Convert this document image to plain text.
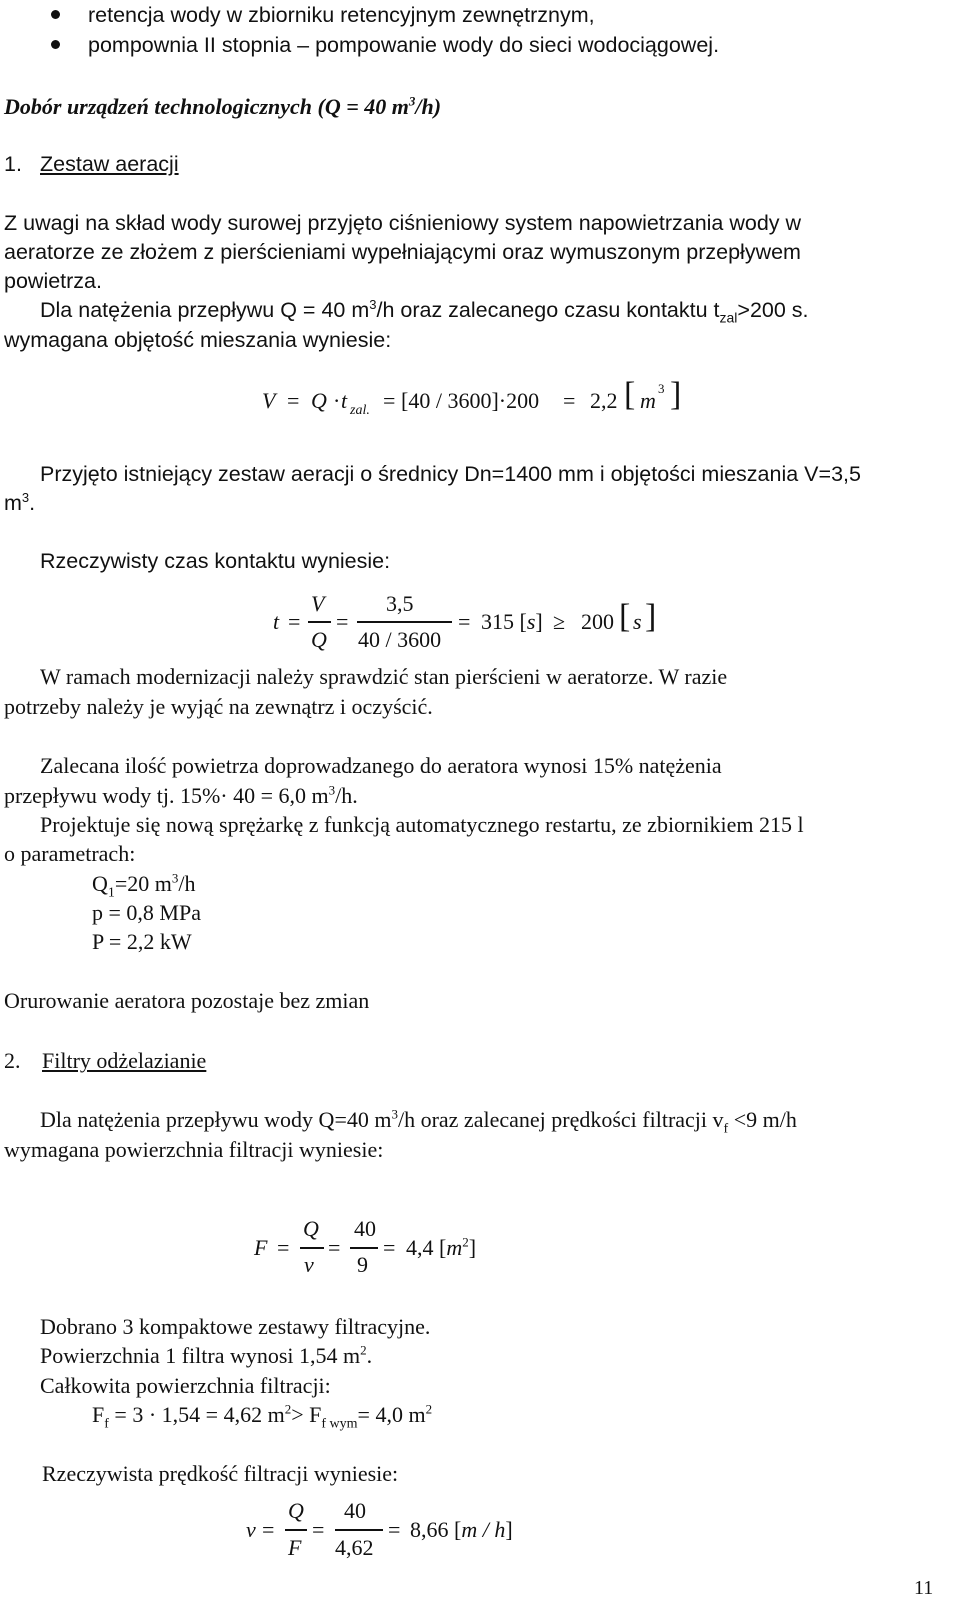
retencja wody w zbiorniku retencyjnym zewnętrznym,
pompownia II stopnia – pompowanie wody do sieci wodociągowej.
Dobór urządzeń technologicznych (Q = 40 $m^3/h$)
1. Zestaw aeracji
Z uwagi na skład wody surowej przyjęto ciśnieniowy system napowietrzania wody w
aeratorze ze złożem z pierścieniami wypełniającymi oraz wymuszonym przepływem
powietrza.
Dla natężenia przepływu Q = 40 $m^3/h$ oraz zalecanego czasu kontaktu $t_{zal}>200$ s.
wymagana objętość mieszania wyniesie:
V = Q · t zal. = [40 / 3600]·200 = 2,2 [ m 3 ]
Przyjęto istniejący zestaw aeracji o średnicy Dn=1400 mm i objętości mieszania V=3,5
$m^3$.
Rzeczywisty czas kontaktu wyniesie:
t =
V
Q
=
3,5
40 / 3600
= 315 [s] ≥ 200 [ s ]
W ramach modernizacji należy sprawdzić stan pierścieni w aeratorze. W razie
potrzeby należy je wyjąć na zewnątrz i oczyścić.
Zalecana ilość powietrza doprowadzanego do aeratora wynosi 15% natężenia
przepływu wody tj. 15%· 40 = 6,0 $m^3/h$.
Projektuje się nową sprężarkę z funkcją automatycznego restartu, ze zbiornikiem 215 l
o parametrach:
$Q_1=20$ $m^3/h$
p = 0,8 MPa
P = 2,2 kW
Orurowanie aeratora pozostaje bez zmian
2. Filtry odżelazianie
Dla natężenia przepływu wody Q=40 $m^3/h$ oraz zalecanej prędkości filtracji $v_f <9$ m/h
wymagana powierzchnia filtracji wyniesie:
F =
Q
v
=
40
9
= 4,4 $[m^2]$
Dobrano 3 kompaktowe zestawy filtracyjne.
Powierzchnia 1 filtra wynosi 1,54 $m^2$.
Całkowita powierzchnia filtracji:
$F_f = 3 \cdot 1,54 = 4,62$ $m^2> F_{f wym}= 4,0$ $m^2$
Rzeczywista prędkość filtracji wyniesie:
v =
Q
F
=
40
4,62
= 8,66 [m / h]
11
